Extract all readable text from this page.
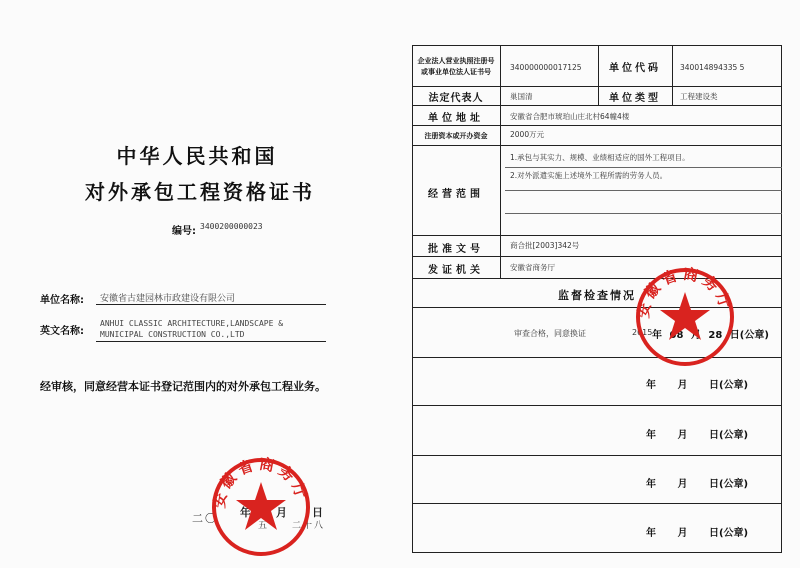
中华人民共和国
对外承包工程资格证书
编号: 3400200000023
单位名称: 安徽省古建园林市政建设有限公司
英文名称:
ANHUI CLASSIC ARCHITECTURE,LANDSCAPE & MUNICIPAL CONSTRUCTION CO.,LTD
经审核，同意经营本证书登记范围内的对外承包工程业务。
二〇 年 月 日
五	二十八
安徽省商务厅
企业法人营业执照注册号
或事业单位法人证书号	340000000017125	单位代码	340014894335 5
法定代表人	巢国清	单位类型	工程建设类
单位地址	安徽省合肥市琥珀山庄北村64幢4楼
注册资本或开办资金	2000万元
经营范围
1.承包与其实力、规模、业绩相适应的国外工程项目。
2.对外派遣实施上述境外工程所需的劳务人员。
批准文号	商合批[2003]342号
发证机关	安徽省商务厅
监督检查情况
审查合格，同意换证	2015 年 08 月 28 日(公章)
年 月 日(公章)
年 月 日(公章)
年 月 日(公章)
年 月 日(公章)
安徽省商务厅
